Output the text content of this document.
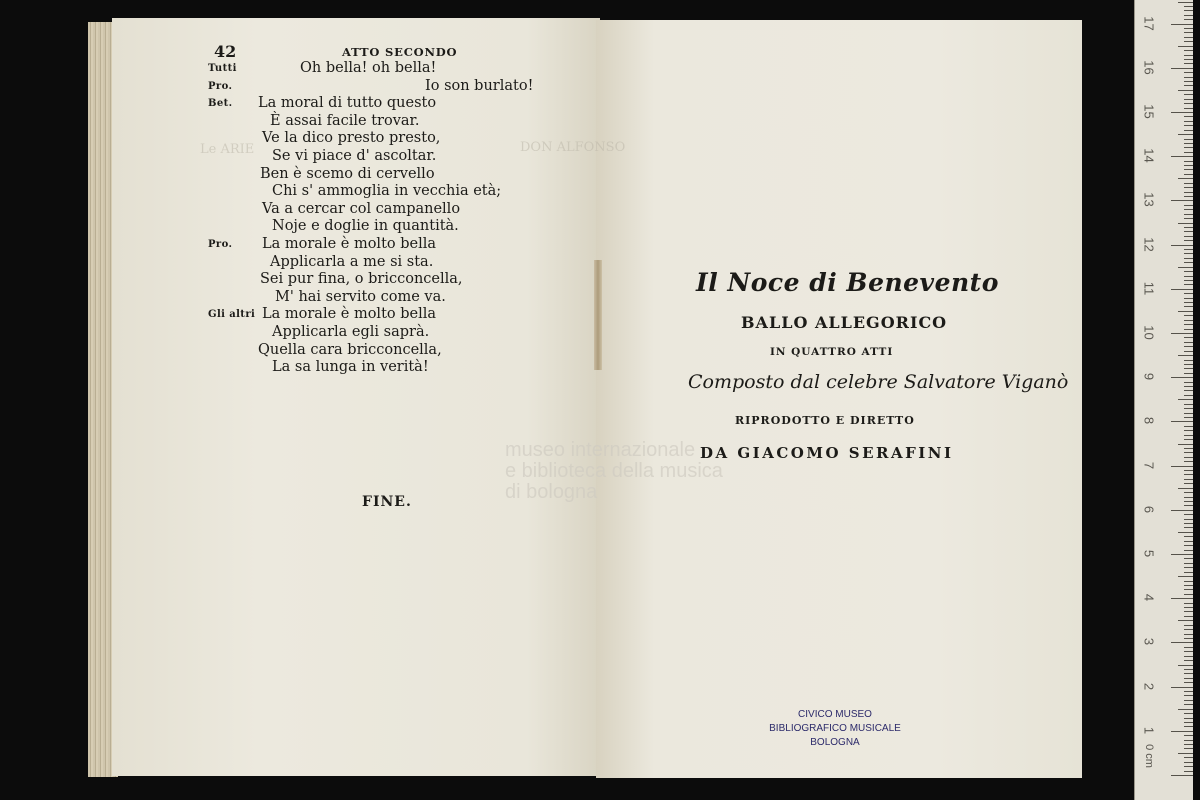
DON ALFONSO
Le ARIE
42	ATTO SECONDO
Tutti	Oh bella! oh bella!
Pro.	Io son burlato!
Bet. La moral di tutto questo
È assai facile trovar.
Ve la dico presto presto,
Se vi piace d' ascoltar.
Ben è scemo di cervello
Chi s' ammoglia in vecchia età;
Va a cercar col campanello
Noje e doglie in quantità.
Pro. La morale è molto bella
Applicarla a me si sta.
Sei pur fina, o bricconcella,
M' hai servito come va.
Gli altri La morale è molto bella
Applicarla egli saprà.
Quella cara bricconcella,
La sa lunga in verità!
FINE.
Il Noce di Benevento
BALLO ALLEGORICO
IN QUATTRO ATTI
Composto dal celebre Salvatore Viganò
RIPRODOTTO E DIRETTO
DA GIACOMO SERAFINI
CIVICO MUSEO
BIBLIOGRAFICO MUSICALE
BOLOGNA
museo internazionale
e biblioteca della musica
di bologna
0 cm
17
16
15
14
13
12
11
10
9
8
7
6
5
4
3
2
1
